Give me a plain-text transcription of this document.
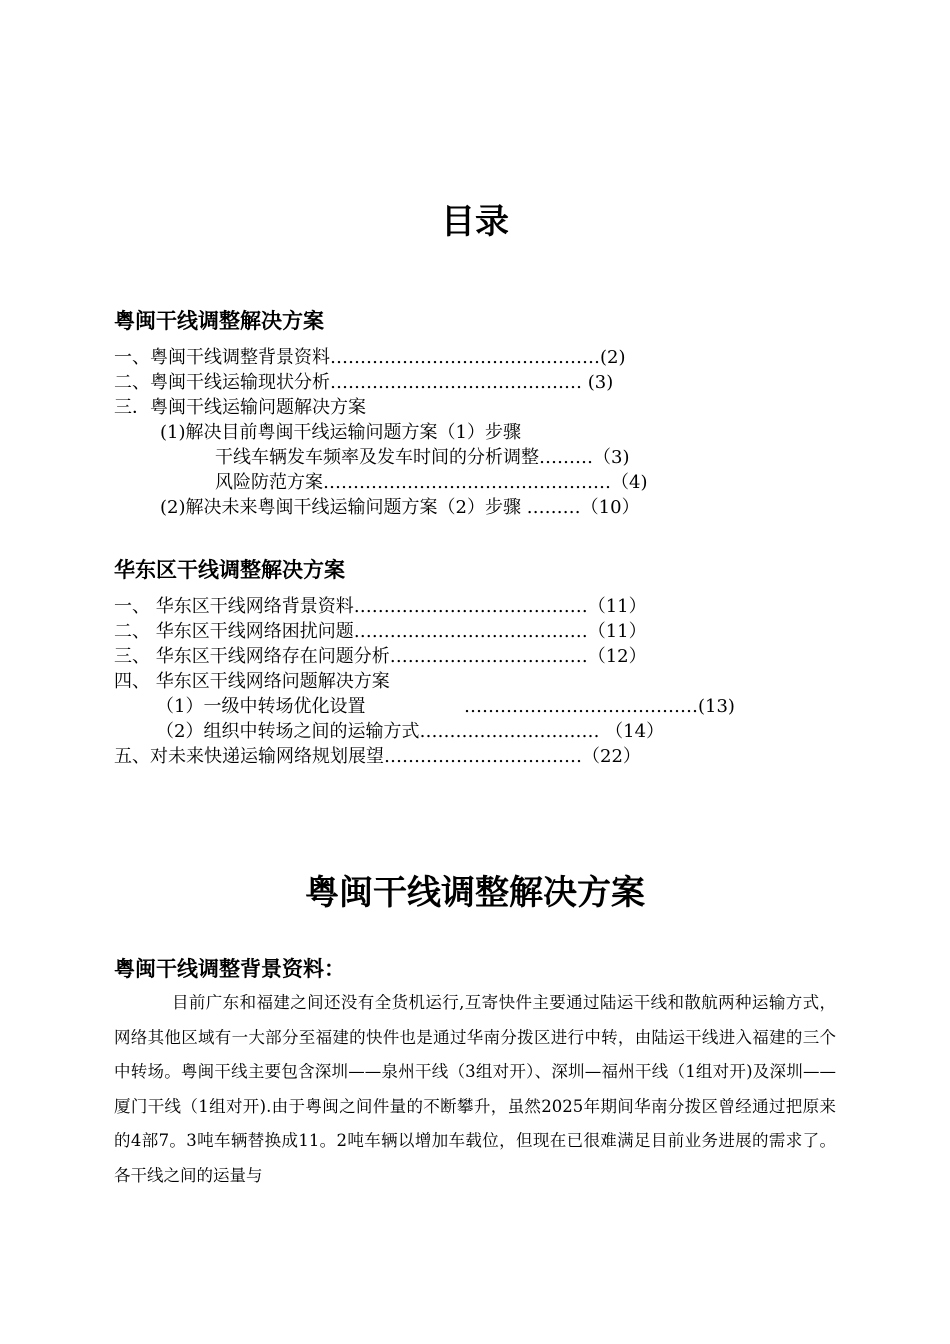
目录
粤闽干线调整解决方案
一、粤闽干线调整背景资料………………………………………(2)
二、粤闽干线运输现状分析…………………………………… (3)
三．粤闽干线运输问题解决方案
(1)解决目前粤闽干线运输问题方案（1）步骤
干线车辆发车频率及发车时间的分析调整………（3)
风险防范方案…………………………………………（4)
(2)解决未来粤闽干线运输问题方案（2）步骤 ………（10）
华东区干线调整解决方案
一、 华东区干线网络背景资料…………………………………（11）
二、 华东区干线网络困扰问题…………………………………（11）
三、 华东区干线网络存在问题分析……………………………（12）
四、 华东区干线网络问题解决方案
（1）一级中转场优化设置	…………………………………(13)
（2）组织中转场之间的运输方式………………………… （14）
五、对未来快递运输网络规划展望……………………………（22）
粤闽干线调整解决方案
粤闽干线调整背景资料：

目前广东和福建之间还没有全货机运行,互寄快件主要通过陆运干线和散航两种运输方式，网络其他区域有一大部分至福建的快件也是通过华南分拨区进行中转，由陆运干线进入福建的三个中转场。粤闽干线主要包含深圳——泉州干线（3组对开）、深圳—福州干线（1组对开)及深圳——厦门干线（1组对开).由于粤闽之间件量的不断攀升，虽然2025年期间华南分拨区曾经通过把原来的4部7。3吨车辆替换成11。2吨车辆以增加车载位，但现在已很难满足目前业务进展的需求了。各干线之间的运量与
